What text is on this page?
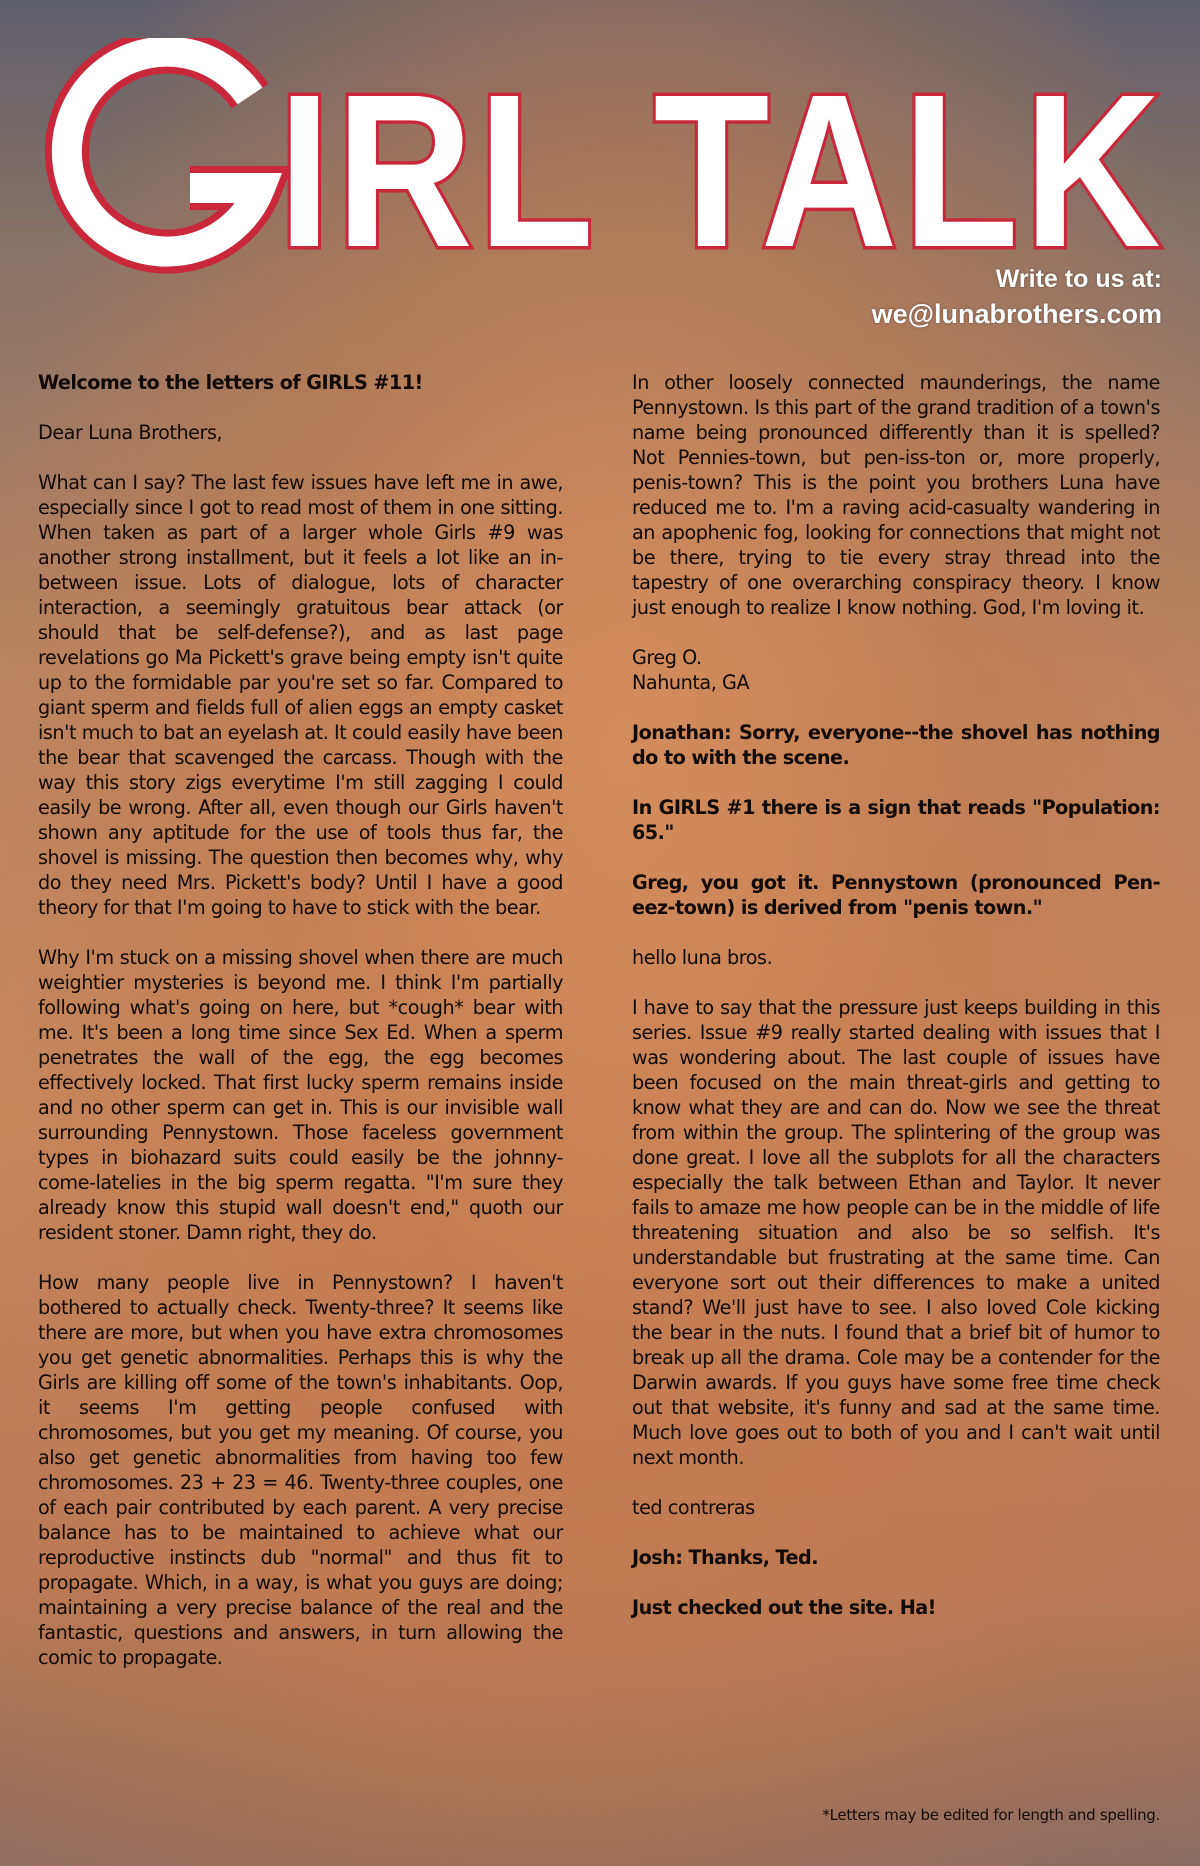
IRL TALK
Write to us at:
we@lunabrothers.com

Welcome to the letters of GIRLS #11!

Dear Luna Brothers,

What can I say? The last few issues have left me in awe, especially since I got to read most of them in one sitting. When taken as part of a larger whole Girls #9 was another strong installment, but it feels a lot like an in-between issue. Lots of dialogue, lots of character interaction, a seemingly gratuitous bear attack (or should that be self-defense?), and as last page revelations go Ma Pickett's grave being empty isn't quite up to the formidable par you're set so far. Compared to giant sperm and fields full of alien eggs an empty casket isn't much to bat an eyelash at. It could easily have been the bear that scavenged the carcass. Though with the way this story zigs everytime I'm still zagging I could easily be wrong. After all, even though our Girls haven't shown any aptitude for the use of tools thus far, the shovel is missing. The question then becomes why, why do they need Mrs. Pickett's body? Until I have a good theory for that I'm going to have to stick with the bear.

Why I'm stuck on a missing shovel when there are much weightier mysteries is beyond me. I think I'm partially following what's going on here, but *cough* bear with me. It's been a long time since Sex Ed. When a sperm penetrates the wall of the egg, the egg becomes effectively locked. That first lucky sperm remains inside and no other sperm can get in. This is our invisible wall surrounding Pennystown. Those faceless government types in biohazard suits could easily be the johnny-come-latelies in the big sperm regatta. "I'm sure they already know this stupid wall doesn't end," quoth our resident stoner. Damn right, they do.

How many people live in Pennystown? I haven't bothered to actually check. Twenty-three? It seems like there are more, but when you have extra chromosomes you get genetic abnormalities. Perhaps this is why the Girls are killing off some of the town's inhabitants. Oop, it seems I'm getting people confused with chromosomes, but you get my meaning. Of course, you also get genetic abnormalities from having too few chromosomes. 23 + 23 = 46. Twenty-three couples, one of each pair contributed by each parent. A very precise balance has to be maintained to achieve what our reproductive instincts dub "normal" and thus fit to propagate. Which, in a way, is what you guys are doing; maintaining a very precise balance of the real and the fantastic, questions and answers, in turn allowing the comic to propagate.

In other loosely connected maunderings, the name Pennystown. Is this part of the grand tradition of a town's name being pronounced differently than it is spelled? Not Pennies-town, but pen-iss-ton or, more properly, penis-town? This is the point you brothers Luna have reduced me to. I'm a raving acid-casualty wandering in an apophenic fog, looking for connections that might not be there, trying to tie every stray thread into the tapestry of one overarching conspiracy theory. I know just enough to realize I know nothing. God, I'm loving it.

Greg O.
Nahunta, GA

Jonathan: Sorry, everyone--the shovel has nothing do to with the scene.

In GIRLS #1 there is a sign that reads "Population: 65."

Greg, you got it. Pennystown (pronounced Pen-eez-town) is derived from "penis town."

hello luna bros.

I have to say that the pressure just keeps building in this series. Issue #9 really started dealing with issues that I was wondering about. The last couple of issues have been focused on the main threat-girls and getting to know what they are and can do. Now we see the threat from within the group. The splintering of the group was done great. I love all the subplots for all the characters especially the talk between Ethan and Taylor. It never fails to amaze me how people can be in the middle of life threatening situation and also be so selfish. It's understandable but frustrating at the same time. Can everyone sort out their differences to make a united stand? We'll just have to see. I also loved Cole kicking the bear in the nuts. I found that a brief bit of humor to break up all the drama. Cole may be a contender for the Darwin awards. If you guys have some free time check out that website, it's funny and sad at the same time. Much love goes out to both of you and I can't wait until next month.

ted contreras

Josh: Thanks, Ted.

Just checked out the site. Ha!

*Letters may be edited for length and spelling.
